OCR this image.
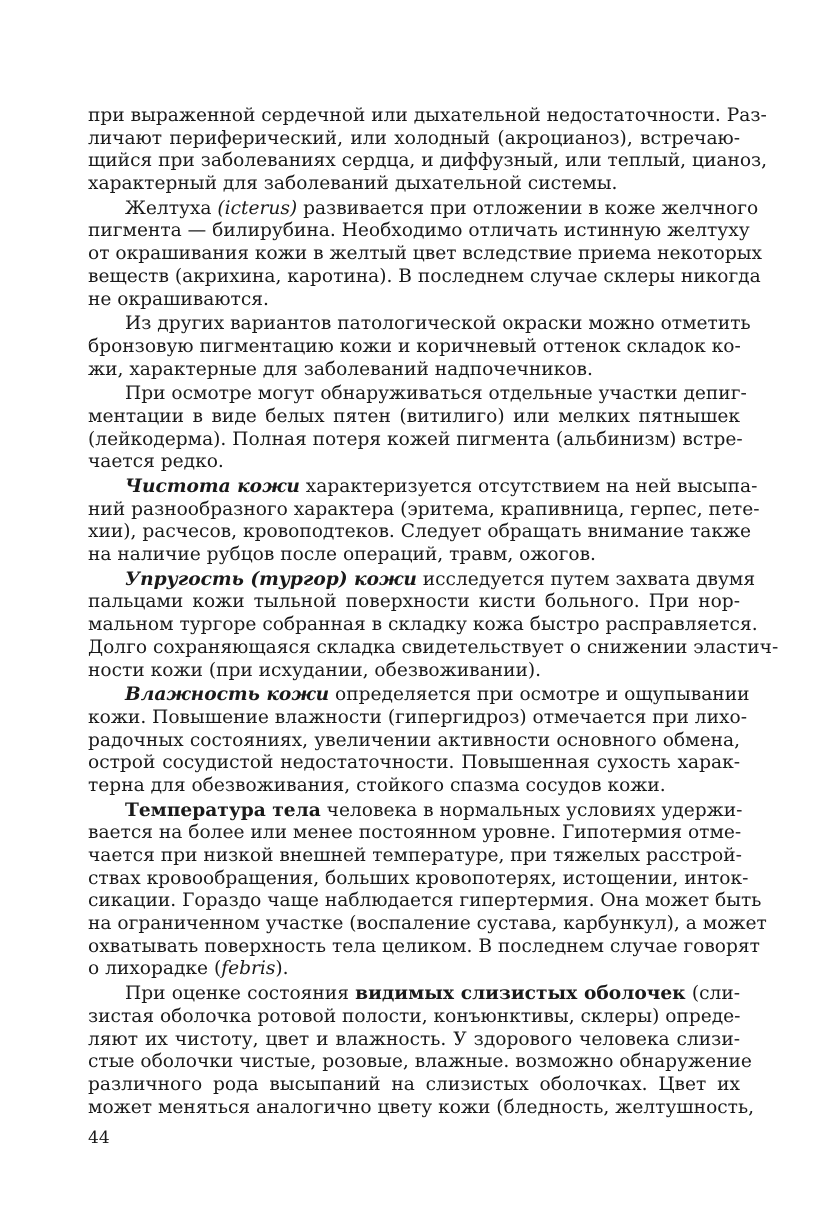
при выраженной сердечной или дыхательной недостаточности. Раз-
личают периферический, или холодный (акроцианоз), встречаю-
щийся при заболеваниях сердца, и диффузный, или теплый, цианоз,
характерный для заболеваний дыхательной системы.
Желтуха (icterus) развивается при отложении в коже желчного
пигмента — билирубина. Необходимо отличать истинную желтуху
от окрашивания кожи в желтый цвет вследствие приема некоторых
веществ (акрихина, каротина). В последнем случае склеры никогда
не окрашиваются.
Из других вариантов патологической окраски можно отметить
бронзовую пигментацию кожи и коричневый оттенок складок ко-
жи, характерные для заболеваний надпочечников.
При осмотре могут обнаруживаться отдельные участки депиг-
ментации в виде белых пятен (витилиго) или мелких пятнышек
(лейкодерма). Полная потеря кожей пигмента (альбинизм) встре-
чается редко.
Чистота кожи характеризуется отсутствием на ней высыпа-
ний разнообразного характера (эритема, крапивница, герпес, пете-
хии), расчесов, кровоподтеков. Следует обращать внимание также
на наличие рубцов после операций, травм, ожогов.
Упругость (тургор) кожи исследуется путем захвата двумя
пальцами кожи тыльной поверхности кисти больного. При нор-
мальном тургоре собранная в складку кожа быстро расправляется.
Долго сохраняющаяся складка свидетельствует о снижении эластич-
ности кожи (при исхудании, обезвоживании).
Влажность кожи определяется при осмотре и ощупывании
кожи. Повышение влажности (гипергидроз) отмечается при лихо-
радочных состояниях, увеличении активности основного обмена,
острой сосудистой недостаточности. Повышенная сухость харак-
терна для обезвоживания, стойкого спазма сосудов кожи.
Температура тела человека в нормальных условиях удержи-
вается на более или менее постоянном уровне. Гипотермия отме-
чается при низкой внешней температуре, при тяжелых расстрой-
ствах кровообращения, больших кровопотерях, истощении, инток-
сикации. Гораздо чаще наблюдается гипертермия. Она может быть
на ограниченном участке (воспаление сустава, карбункул), а может
охватывать поверхность тела целиком. В последнем случае говорят
о лихорадке (febris).
При оценке состояния видимых слизистых оболочек (сли-
зистая оболочка ротовой полости, конъюнктивы, склеры) опреде-
ляют их чистоту, цвет и влажность. У здорового человека слизи-
стые оболочки чистые, розовые, влажные. возможно обнаружение
различного рода высыпаний на слизистых оболочках. Цвет их
может меняться аналогично цвету кожи (бледность, желтушность,
44
